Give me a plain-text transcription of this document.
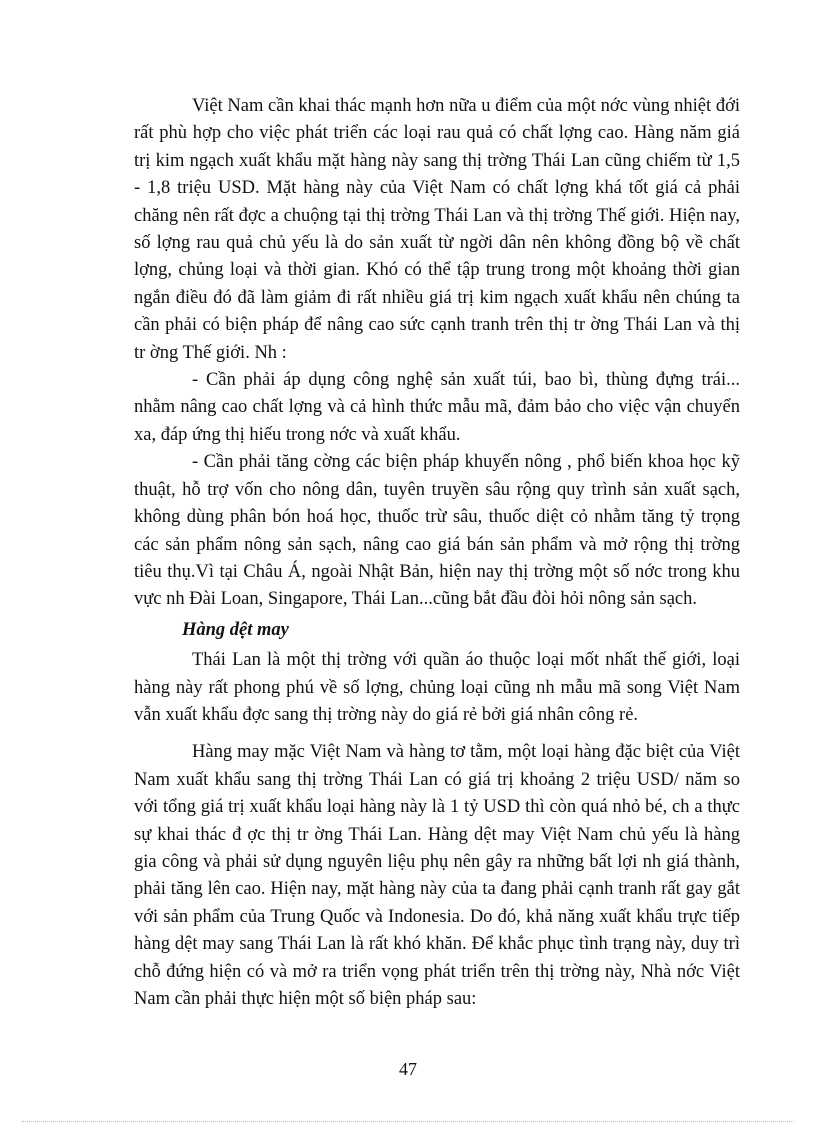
Việt Nam cần khai thác mạnh hơn nữa u điểm của một nớc vùng nhiệt đới rất phù hợp cho việc phát triển các loại rau quả có chất lợng cao. Hàng năm giá trị kim ngạch xuất khẩu mặt hàng này sang thị trờng Thái Lan cũng chiếm từ 1,5 - 1,8 triệu USD. Mặt hàng này của Việt Nam có chất lợng khá tốt giá cả phải chăng nên rất đợc a chuộng tại thị trờng Thái Lan và thị trờng Thế giới. Hiện nay, số lợng rau quả chủ yếu là do sản xuất từ ngời dân nên không đồng bộ về chất lợng, chủng loại và thời gian. Khó có thể tập trung trong một khoảng thời gian ngắn điều đó đã làm giảm đi rất nhiều giá trị kim ngạch xuất khẩu nên chúng ta cần phải có biện pháp để nâng cao sức cạnh tranh trên thị tr ờng Thái Lan và thị tr ờng Thế giới. Nh :

- Cần phải áp dụng công nghệ sản xuất túi, bao bì, thùng đựng trái... nhằm nâng cao chất lợng và cả hình thức mẫu mã, đảm bảo cho việc vận chuyển xa, đáp ứng thị hiếu trong nớc và xuất khẩu.

- Cần phải tăng cờng các biện pháp khuyến nông , phổ biến khoa học kỹ thuật, hỗ trợ vốn cho nông dân, tuyên truyền sâu rộng quy trình sản xuất sạch, không dùng phân bón hoá học, thuốc trừ sâu, thuốc diệt cỏ nhằm tăng tỷ trọng các sản phẩm nông sản sạch, nâng cao giá bán sản phẩm và mở rộng thị trờng tiêu thụ.Vì tại Châu Á, ngoài Nhật Bản, hiện nay thị trờng một số nớc trong khu vực nh Đài Loan, Singapore, Thái Lan...cũng bắt đầu đòi hỏi nông sản sạch.

Hàng dệt may

Thái Lan là một thị trờng với quần áo thuộc loại mốt nhất thế giới, loại hàng này rất phong phú về số lợng, chủng loại cũng nh mẫu mã song Việt Nam vẫn xuất khẩu đợc sang thị trờng này do giá rẻ bởi giá nhân công rẻ.

Hàng may mặc Việt Nam và hàng tơ tằm, một loại hàng đặc biệt của Việt Nam xuất khẩu sang thị trờng Thái Lan có giá trị khoảng 2 triệu USD/ năm so với tổng giá trị xuất khẩu loại hàng này là 1 tỷ USD thì còn quá nhỏ bé, ch a thực sự khai thác đ ợc thị tr ờng Thái Lan. Hàng dệt may Việt Nam chủ yếu là hàng gia công và phải sử dụng nguyên liệu phụ nên gây ra những bất lợi nh giá thành, phải tăng lên cao. Hiện nay, mặt hàng này của ta đang phải cạnh tranh rất gay gắt với sản phẩm của Trung Quốc và Indonesia. Do đó, khả năng xuất khẩu trực tiếp hàng dệt may sang Thái Lan là rất khó khăn. Để khắc phục tình trạng này, duy trì chỗ đứng hiện có và mở ra triển vọng phát triển trên thị trờng này, Nhà nớc Việt Nam cần phải thực hiện một số biện pháp sau:

47
